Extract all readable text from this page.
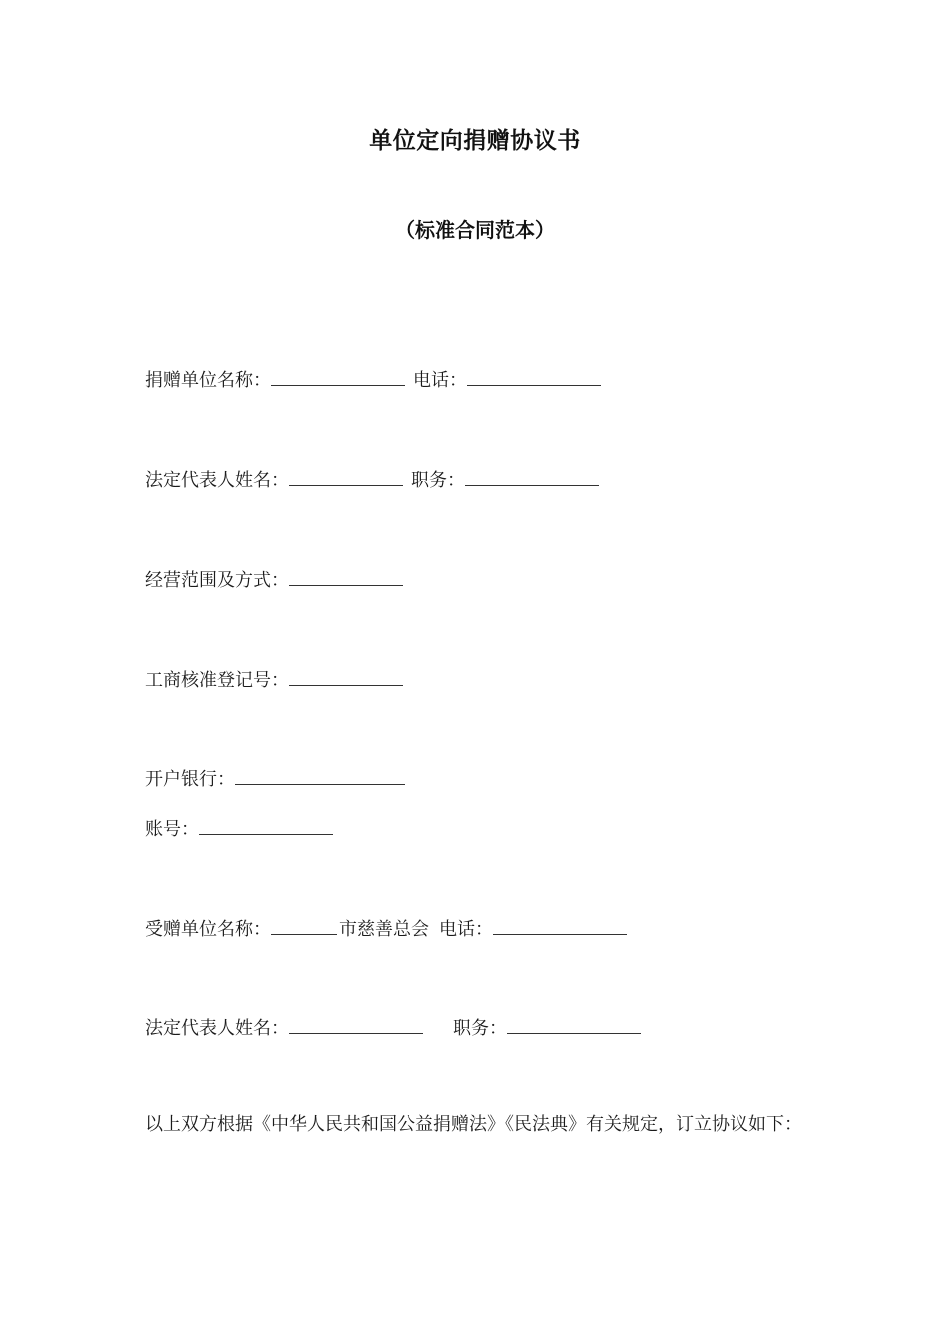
单位定向捐赠协议书
（标准合同范本）
捐赠单位名称：	电话：
法定代表人姓名：	职务：
经营范围及方式：
工商核准登记号：
开户银行：
账号：
受赠单位名称：	市慈善总会 电话：
法定代表人姓名：	职务：
以上双方根据《中华人民共和国公益捐赠法》《民法典》有关规定，订立协议如下：
